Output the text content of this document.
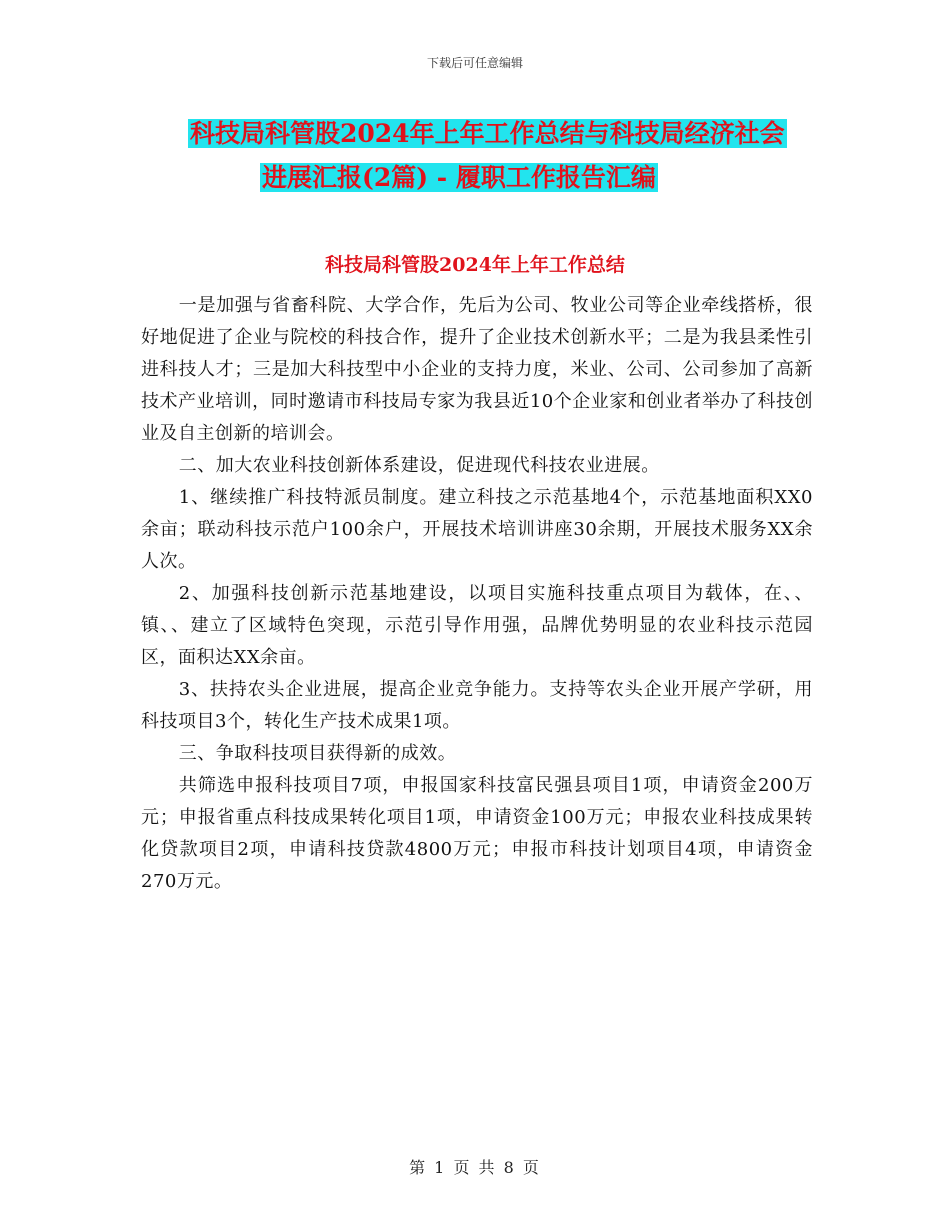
下载后可任意编辑
科技局科管股2024年上年工作总结与科技局经济社会
进展汇报(2篇) - 履职工作报告汇编
科技局科管股2024年上年工作总结

一是加强与省畜科院、大学合作，先后为公司、牧业公司等企业牵线搭桥，很好地促进了企业与院校的科技合作，提升了企业技术创新水平；二是为我县柔性引进科技人才；三是加大科技型中小企业的支持力度，米业、公司、公司参加了高新技术产业培训，同时邀请市科技局专家为我县近10个企业家和创业者举办了科技创业及自主创新的培训会。

二、加大农业科技创新体系建设，促进现代科技农业进展。

1、继续推广科技特派员制度。建立科技之示范基地4个，示范基地面积XX0余亩；联动科技示范户100余户，开展技术培训讲座30余期，开展技术服务XX余人次。

2、加强科技创新示范基地建设，以项目实施科技重点项目为载体，在、、镇、、建立了区域特色突现，示范引导作用强，品牌优势明显的农业科技示范园区，面积达XX余亩。

3、扶持农头企业进展，提高企业竞争能力。支持等农头企业开展产学研，用科技项目3个，转化生产技术成果1项。

三、争取科技项目获得新的成效。

共筛选申报科技项目7项，申报国家科技富民强县项目1项，申请资金200万元；申报省重点科技成果转化项目1项，申请资金100万元；申报农业科技成果转化贷款项目2项，申请科技贷款4800万元；申报市科技计划项目4项，申请资金270万元。

第 1 页 共 8 页
